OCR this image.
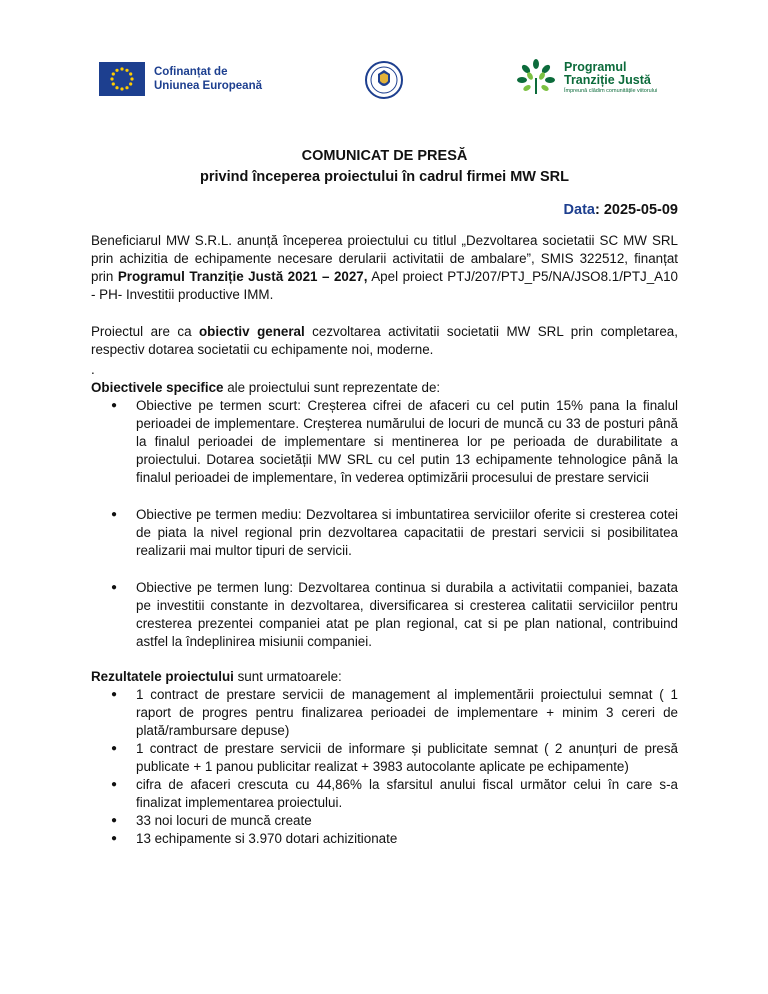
Cofinanțat de
Uniunea Europeană
Programul
Tranziție Justă
Împreună clădim comunitățile viitorului
COMUNICAT DE PRESĂ
privind începerea proiectului în cadrul firmei MW SRL
Data: 2025-05-09

Beneficiarul MW S.R.L. anunță începerea proiectului cu titlul „Dezvoltarea societatii SC MW SRL prin achizitia de echipamente necesare derularii activitatii de ambalare”, SMIS 322512, finanțat prin Programul Tranziție Justă 2021 – 2027, Apel proiect PTJ/207/PTJ_P5/NA/JSO8.1/PTJ_A10 - PH- Investitii productive IMM.

Proiectul are ca obiectiv general cezvoltarea activitatii societatii MW SRL prin completarea, respectiv dotarea societatii cu echipamente noi, moderne.

.

Obiectivele specifice ale proiectului sunt reprezentate de:

● Obiective pe termen scurt: Creșterea cifrei de afaceri cu cel putin 15% pana la finalul perioadei de implementare. Creșterea numărului de locuri de muncă cu 33 de posturi până la finalul perioadei de implementare si mentinerea lor pe perioada de durabilitate a proiectului. Dotarea societății MW SRL cu cel putin 13 echipamente tehnologice până la finalul perioadei de implementare, în vederea optimizării procesului de prestare servicii
● Obiective pe termen mediu: Dezvoltarea si imbuntatirea serviciilor oferite si cresterea cotei de piata la nivel regional prin dezvoltarea capacitatii de prestari servicii si posibilitatea realizarii mai multor tipuri de servicii.
● Obiective pe termen lung: Dezvoltarea continua si durabila a activitatii companiei, bazata pe investitii constante in dezvoltarea, diversificarea si cresterea calitatii serviciilor pentru cresterea prezentei companiei atat pe plan regional, cat si pe plan national, contribuind astfel la îndeplinirea misiunii companiei.

Rezultatele proiectului sunt urmatoarele:

● 1 contract de prestare servicii de management al implementării proiectului semnat ( 1 raport de progres pentru finalizarea perioadei de implementare + minim 3 cereri de plată/rambursare depuse)
● 1 contract de prestare servicii de informare și publicitate semnat ( 2 anunțuri de presă publicate + 1 panou publicitar realizat + 3983 autocolante aplicate pe echipamente)
● cifra de afaceri crescuta cu 44,86% la sfarsitul anului fiscal următor celui în care s-a finalizat implementarea proiectului.
● 33 noi locuri de muncă create
● 13 echipamente si 3.970 dotari achizitionate
